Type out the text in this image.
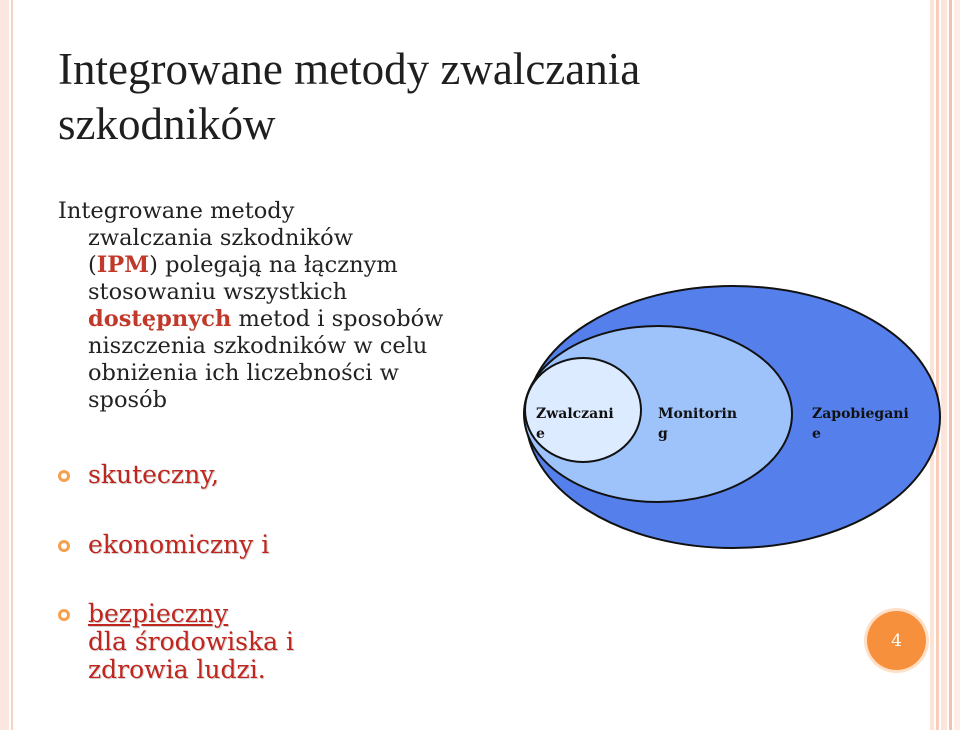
Integrowane metody zwalczania
szkodników

Integrowane metody
zwalczania szkodników
(IPM) polegają na łącznym
stosowaniu wszystkich
dostępnych metod i sposobów
niszczenia szkodników w celu
obniżenia ich liczebności w
sposób

skuteczny,
ekonomiczny i
bezpieczny
dla środowiska i
zdrowia ludzi.
Zwalczani e
Monitorin g
Zapobiegani e
4
